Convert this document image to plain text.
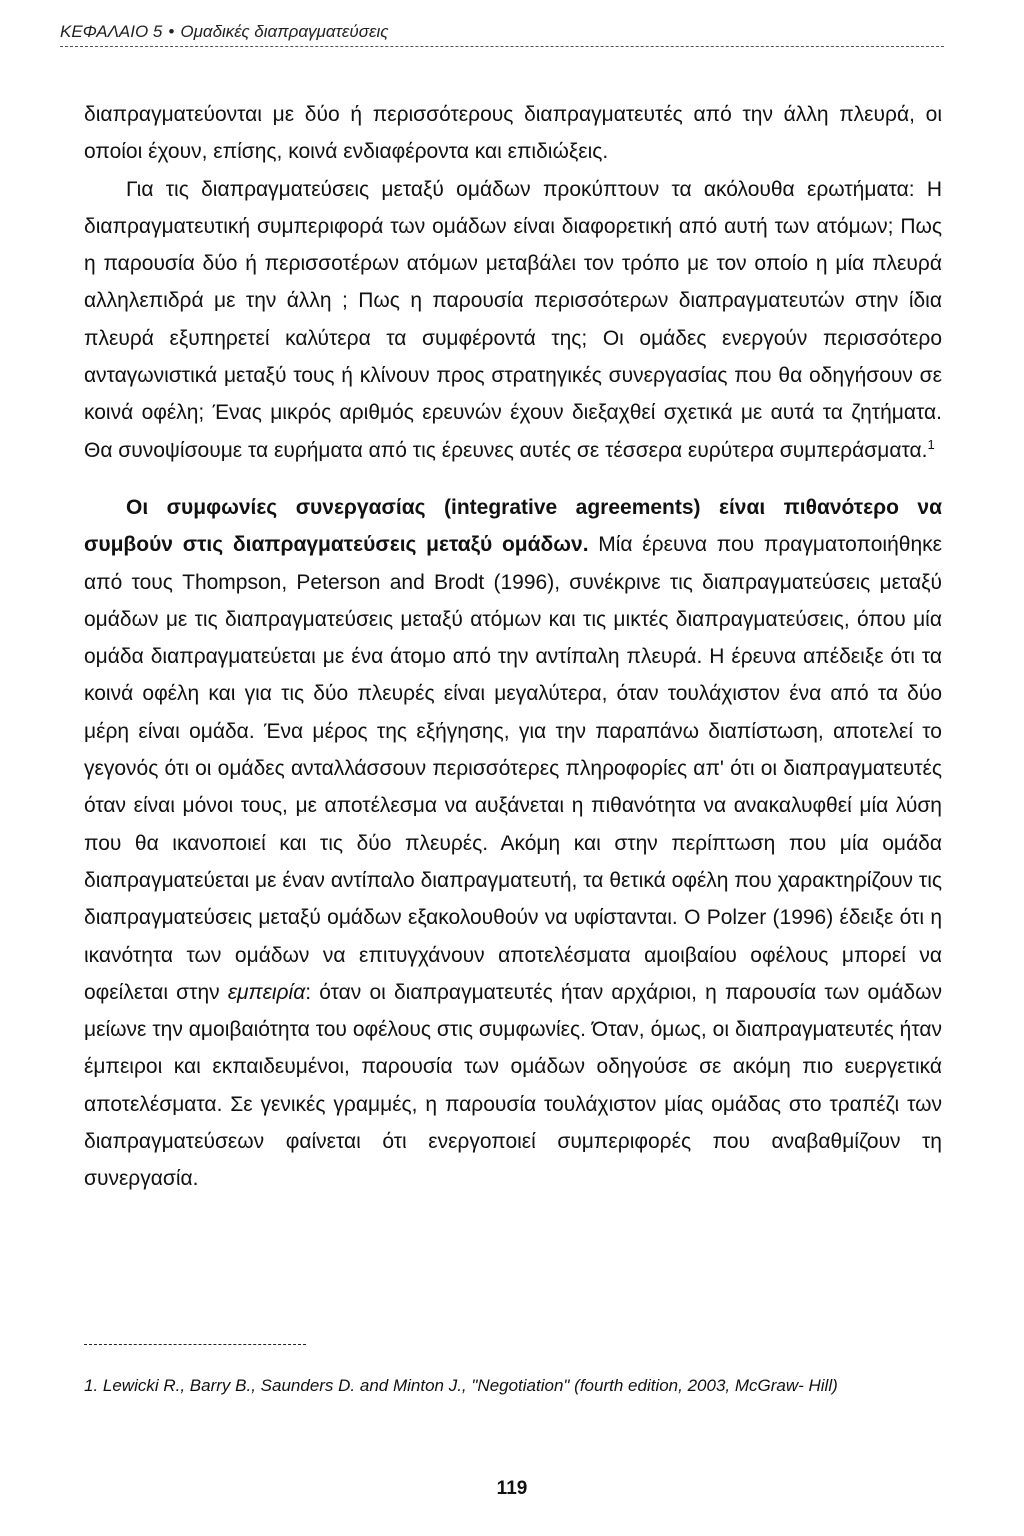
ΚΕΦΑΛΑΙΟ 5 • Ομαδικές διαπραγματεύσεις

διαπραγματεύονται με δύο ή περισσότερους διαπραγματευτές από την άλλη πλευρά, οι οποίοι έχουν, επίσης, κοινά ενδιαφέροντα και επιδιώξεις.

Για τις διαπραγματεύσεις μεταξύ ομάδων προκύπτουν τα ακόλουθα ερωτήματα: Η διαπραγματευτική συμπεριφορά των ομάδων είναι διαφορετική από αυτή των ατόμων; Πως η παρουσία δύο ή περισσοτέρων ατόμων μεταβάλει τον τρόπο με τον οποίο η μία πλευρά αλληλεπιδρά με την άλλη ; Πως η παρουσία περισσότερων διαπραγματευτών στην ίδια πλευρά εξυπηρετεί καλύτερα τα συμφέροντά της; Οι ομάδες ενεργούν περισσότερο ανταγωνιστικά μεταξύ τους ή κλίνουν προς στρατηγικές συνεργασίας που θα οδηγήσουν σε κοινά οφέλη; Ένας μικρός αριθμός ερευνών έχουν διεξαχθεί σχετικά με αυτά τα ζητήματα. Θα συνοψίσουμε τα ευρήματα από τις έρευνες αυτές σε τέσσερα ευρύτερα συμπεράσματα.$^1$

Οι συμφωνίες συνεργασίας (integrative agreements) είναι πιθανότερο να συμβούν στις διαπραγματεύσεις μεταξύ ομάδων. Μία έρευνα που πραγματοποιήθηκε από τους Thompson, Peterson and Brodt (1996), συνέκρινε τις διαπραγματεύσεις μεταξύ ομάδων με τις διαπραγματεύσεις μεταξύ ατόμων και τις μικτές διαπραγματεύσεις, όπου μία ομάδα διαπραγματεύεται με ένα άτομο από την αντίπαλη πλευρά. Η έρευνα απέδειξε ότι τα κοινά οφέλη και για τις δύο πλευρές είναι μεγαλύτερα, όταν τουλάχιστον ένα από τα δύο μέρη είναι ομάδα. Ένα μέρος της εξήγησης, για την παραπάνω διαπίστωση, αποτελεί το γεγονός ότι οι ομάδες ανταλλάσσουν περισσότερες πληροφορίες απ' ότι οι διαπραγματευτές όταν είναι μόνοι τους, με αποτέλεσμα να αυξάνεται η πιθανότητα να ανακαλυφθεί μία λύση που θα ικανοποιεί και τις δύο πλευρές. Ακόμη και στην περίπτωση που μία ομάδα διαπραγματεύεται με έναν αντίπαλο διαπραγματευτή, τα θετικά οφέλη που χαρακτηρίζουν τις διαπραγματεύσεις μεταξύ ομάδων εξακολουθούν να υφίστανται. Ο Polzer (1996) έδειξε ότι η ικανότητα των ομάδων να επιτυγχάνουν αποτελέσματα αμοιβαίου οφέλους μπορεί να οφείλεται στην εμπειρία: όταν οι διαπραγματευτές ήταν αρχάριοι, η παρουσία των ομάδων μείωνε την αμοιβαιότητα του οφέλους στις συμφωνίες. Όταν, όμως, οι διαπραγματευτές ήταν έμπειροι και εκπαιδευμένοι, παρουσία των ομάδων οδηγούσε σε ακόμη πιο ευεργετικά αποτελέσματα. Σε γενικές γραμμές, η παρουσία τουλάχιστον μίας ομάδας στο τραπέζι των διαπραγματεύσεων φαίνεται ότι ενεργοποιεί συμπεριφορές που αναβαθμίζουν τη συνεργασία.

1. Lewicki R., Barry B., Saunders D. and Minton J., "Negotiation" (fourth edition, 2003, McGraw- Hill)
119
